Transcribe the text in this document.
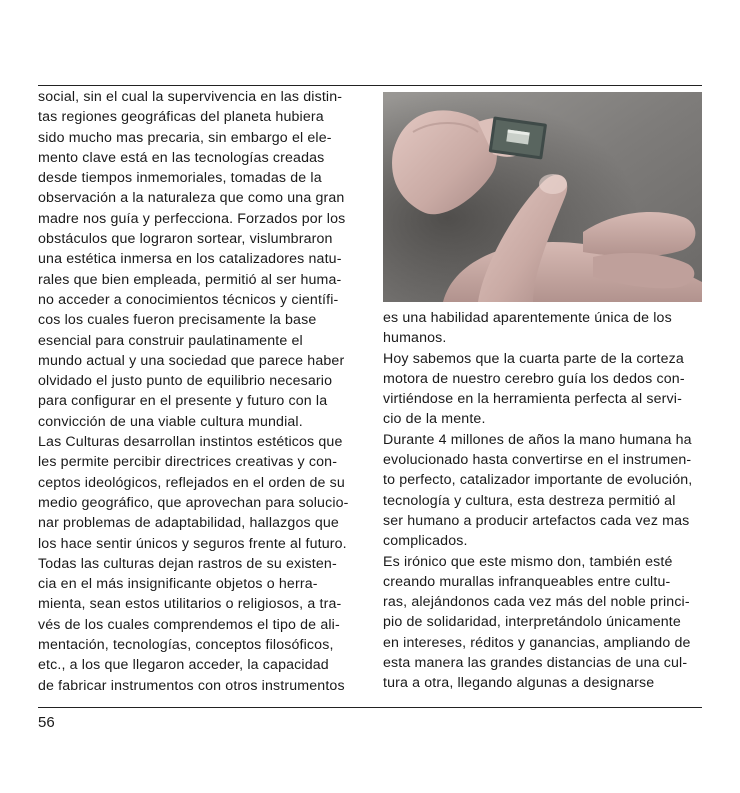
social, sin el cual la supervivencia en las distin-
tas regiones geográficas del planeta hubiera
sido mucho mas precaria, sin embargo el ele-
mento clave está en las tecnologías creadas
desde tiempos inmemoriales, tomadas de la
observación a la naturaleza que como una gran
madre nos guía y perfecciona. Forzados por los
obstáculos que lograron sortear, vislumbraron
una estética inmersa en los catalizadores natu-
rales que bien empleada, permitió al ser huma-
no acceder a conocimientos técnicos y científi-
cos los cuales fueron precisamente la base
esencial para construir paulatinamente el
mundo actual y una sociedad que parece haber
olvidado el justo punto de equilibrio necesario
para configurar en el presente y futuro con la
convicción de una viable cultura mundial.

Las Culturas desarrollan instintos estéticos que
les permite percibir directrices creativas y con-
ceptos ideológicos, reflejados en el orden de su
medio geográfico, que aprovechan para solucio-
nar problemas de adaptabilidad, hallazgos que
los hace sentir únicos y seguros frente al futuro.

Todas las culturas dejan rastros de su existen-
cia en el más insignificante objetos o herra-
mienta, sean estos utilitarios o religiosos, a tra-
vés de los cuales comprendemos el tipo de ali-
mentación, tecnologías, conceptos filosóficos,
etc., a los que llegaron acceder, la capacidad
de fabricar instrumentos con otros instrumentos

es una habilidad aparentemente única de los
humanos.

Hoy sabemos que la cuarta parte de la corteza
motora de nuestro cerebro guía los dedos con-
virtiéndose en la herramienta perfecta al servi-
cio de la mente.

Durante 4 millones de años la mano humana ha
evolucionado hasta convertirse en el instrumen-
to perfecto, catalizador importante de evolución,
tecnología y cultura, esta destreza permitió al
ser humano a producir artefactos cada vez mas
complicados.

Es irónico que este mismo don, también esté
creando murallas infranqueables entre cultu-
ras, alejándonos cada vez más del noble princi-
pio de solidaridad, interpretándolo únicamente
en intereses, réditos y ganancias, ampliando de
esta manera las grandes distancias de una cul-
tura a otra, llegando algunas a designarse

56
